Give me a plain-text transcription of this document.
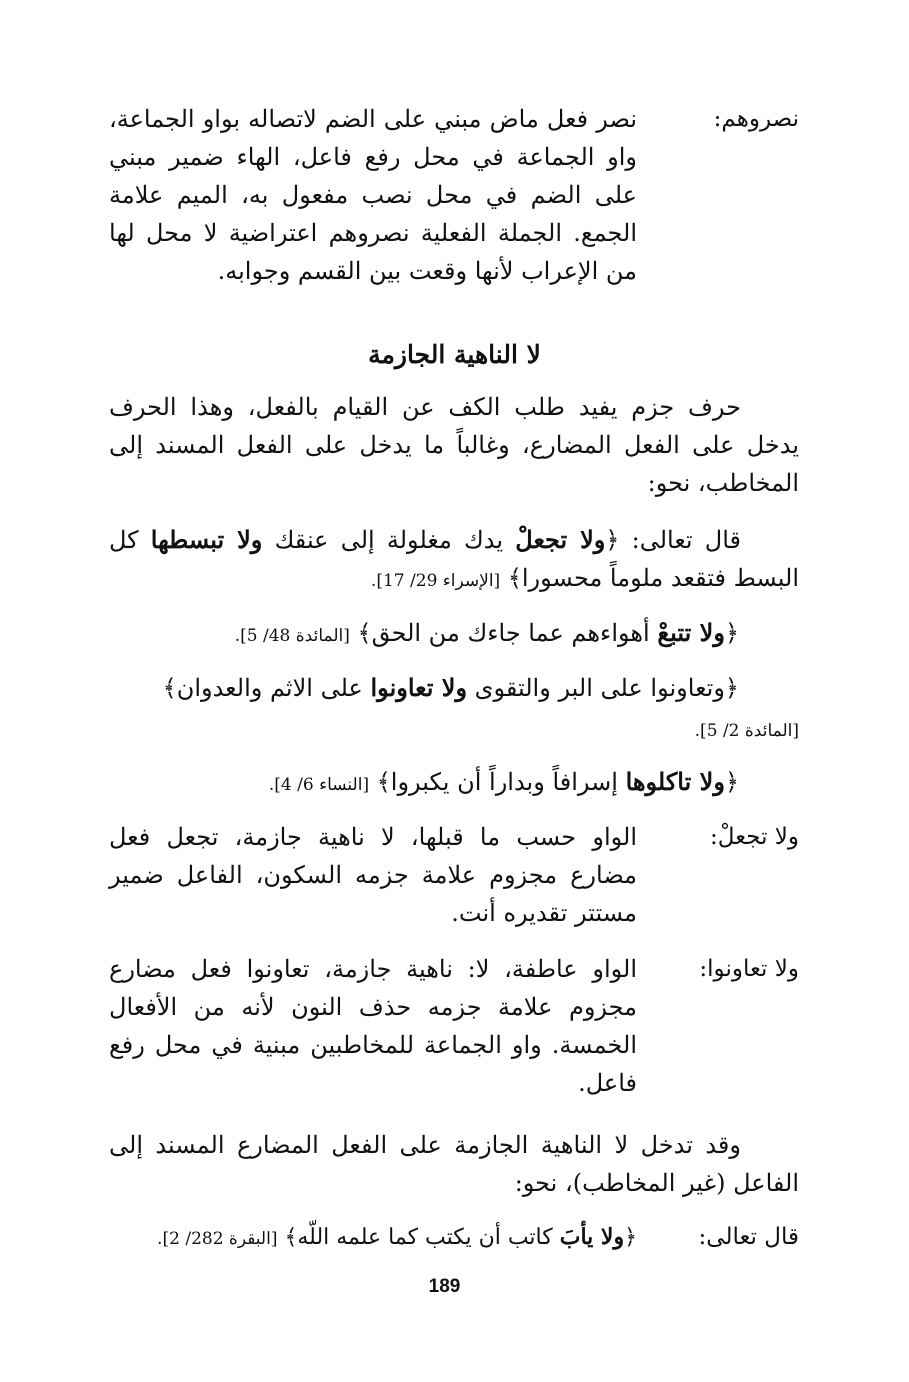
نصروهم:
نصر فعل ماض مبني على الضم لاتصاله بواو الجماعة، واو الجماعة في محل رفع فاعل، الهاء ضمير مبني على الضم في محل نصب مفعول به، الميم علامة الجمع. الجملة الفعلية نصروهم اعتراضية لا محل لها من الإعراب لأنها وقعت بين القسم وجوابه.
لا الناهية الجازمة
حرف جزم يفيد طلب الكف عن القيام بالفعل، وهذا الحرف يدخل على الفعل المضارع، وغالباً ما يدخل على الفعل المسند إلى المخاطب، نحو:
قال تعالى: ﴿ولا تجعلْ يدك مغلولة إلى عنقك ولا تبسطها كل البسط فتقعد ملوماً محسورا﴾ [الإسراء 29/ 17].
﴿ولا تتبعْ أهواءهم عما جاءك من الحق﴾ [المائدة 48/ 5].
﴿وتعاونوا على البر والتقوى ولا تعاونوا على الاثم والعدوان﴾
[المائدة 2/ 5].
﴿ولا تاكلوها إسرافاً وبداراً أن يكبروا﴾ [النساء 6/ 4].
ولا تجعلْ:
الواو حسب ما قبلها، لا ناهية جازمة، تجعل فعل مضارع مجزوم علامة جزمه السكون، الفاعل ضمير مستتر تقديره أنت.
ولا تعاونوا:
الواو عاطفة، لا: ناهية جازمة، تعاونوا فعل مضارع مجزوم علامة جزمه حذف النون لأنه من الأفعال الخمسة. واو الجماعة للمخاطبين مبنية في محل رفع فاعل.
وقد تدخل لا الناهية الجازمة على الفعل المضارع المسند إلى الفاعل (غير المخاطب)، نحو:
قال تعالى:
﴿ولا يأبَ كاتب أن يكتب كما علمه اللّه﴾ [البقرة 282/ 2].
189
